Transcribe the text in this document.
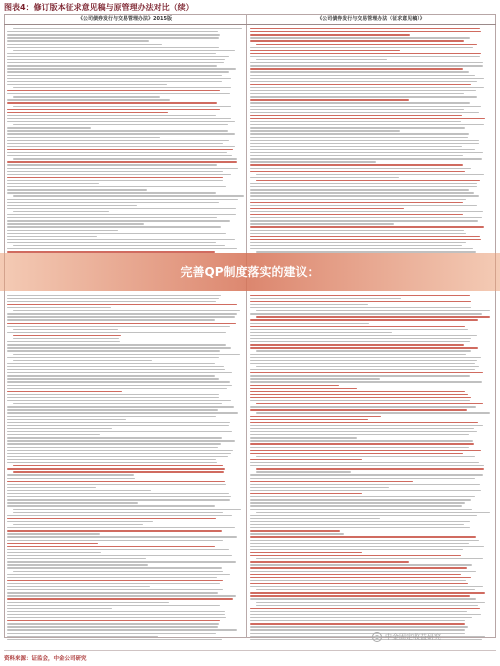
图表4：修订版本征求意见稿与原管理办法对比（续）
《公司债券发行与交易管理办法》2015版	《公司债券发行与交易管理办法（征求意见稿）》
完善QP制度落实的建议：
中金固定收益研究
资料来源：证监会，中金公司研究
